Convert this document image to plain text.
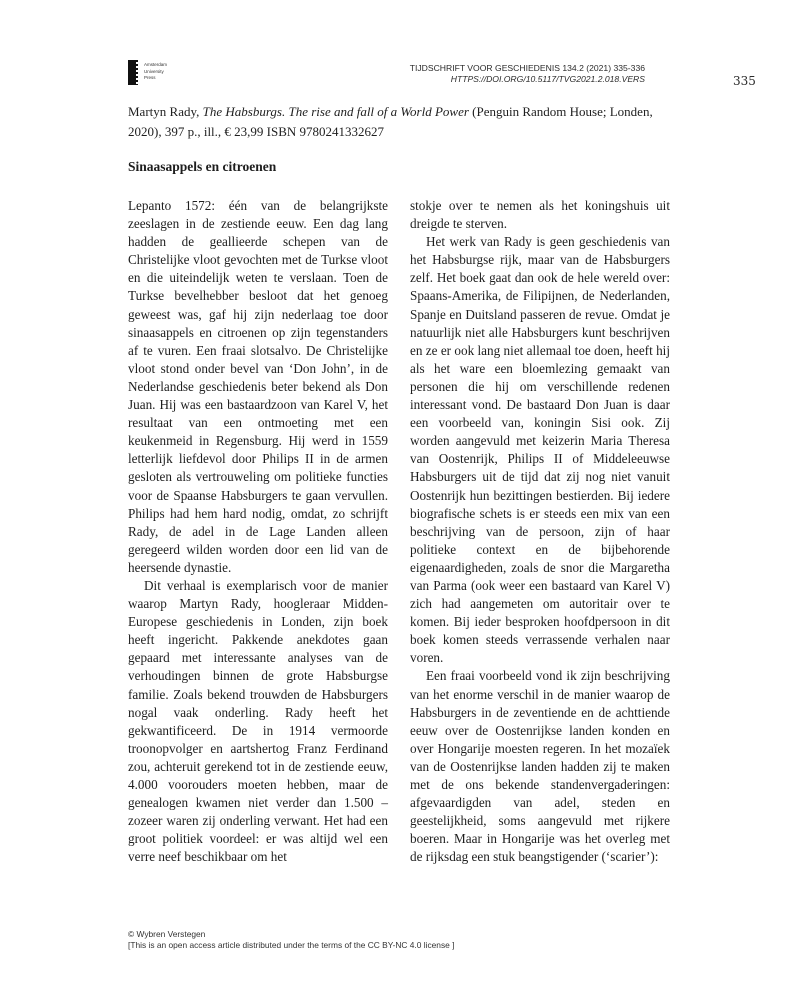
Amsterdam
University
Press
TIJDSCHRIFT VOOR GESCHIEDENIS 134.2 (2021) 335-336
HTTPS://DOI.ORG/10.5117/TVG2021.2.018.VERS	335
Martyn Rady, The Habsburgs. The rise and fall of a World Power (Penguin Random House; Londen, 2020), 397 p., ill., € 23,99 ISBN 9780241332627
Sinaasappels en citroenen

Lepanto 1572: één van de belangrijkste zeeslagen in de zestiende eeuw. Een dag lang hadden de geallieerde schepen van de Christelijke vloot gevochten met de Turkse vloot en die uiteindelijk weten te verslaan. Toen de Turkse bevelhebber besloot dat het genoeg geweest was, gaf hij zijn nederlaag toe door sinaasappels en citroenen op zijn tegenstanders af te vuren. Een fraai slotsalvo. De Christelijke vloot stond onder bevel van ‘Don John’, in de Nederlandse geschiedenis beter bekend als Don Juan. Hij was een bastaardzoon van Karel V, het resultaat van een ontmoeting met een keukenmeid in Regensburg. Hij werd in 1559 letterlijk liefdevol door Philips II in de armen gesloten als vertrouweling om politieke functies voor de Spaanse Habsburgers te gaan vervullen. Philips had hem hard nodig, omdat, zo schrijft Rady, de adel in de Lage Landen alleen geregeerd wilden worden door een lid van de heersende dynastie.

Dit verhaal is exemplarisch voor de manier waarop Martyn Rady, hoogleraar Midden-Europese geschiedenis in Londen, zijn boek heeft ingericht. Pakkende anekdotes gaan gepaard met interessante analyses van de verhoudingen binnen de grote Habsburgse familie. Zoals bekend trouwden de Habsburgers nogal vaak onderling. Rady heeft het gekwantificeerd. De in 1914 vermoorde troonopvolger en aartshertog Franz Ferdinand zou, achteruit gerekend tot in de zestiende eeuw, 4.000 voorouders moeten hebben, maar de genealogen kwamen niet verder dan 1.500 – zozeer waren zij onderling verwant. Het had een groot politiek voordeel: er was altijd wel een verre neef beschikbaar om het

stokje over te nemen als het koningshuis uit dreigde te sterven.

Het werk van Rady is geen geschiedenis van het Habsburgse rijk, maar van de Habsburgers zelf. Het boek gaat dan ook de hele wereld over: Spaans-Amerika, de Filipijnen, de Nederlanden, Spanje en Duitsland passeren de revue. Omdat je natuurlijk niet alle Habsburgers kunt beschrijven en ze er ook lang niet allemaal toe doen, heeft hij als het ware een bloemlezing gemaakt van personen die hij om verschillende redenen interessant vond. De bastaard Don Juan is daar een voorbeeld van, koningin Sisi ook. Zij worden aangevuld met keizerin Maria Theresa van Oostenrijk, Philips II of Middeleeuwse Habsburgers uit de tijd dat zij nog niet vanuit Oostenrijk hun bezittingen bestierden. Bij iedere biografische schets is er steeds een mix van een beschrijving van de persoon, zijn of haar politieke context en de bijbehorende eigenaardigheden, zoals de snor die Margaretha van Parma (ook weer een bastaard van Karel V) zich had aangemeten om autoritair over te komen. Bij ieder besproken hoofdpersoon in dit boek komen steeds verrassende verhalen naar voren.

Een fraai voorbeeld vond ik zijn beschrijving van het enorme verschil in de manier waarop de Habsburgers in de zeventiende en de achttiende eeuw over de Oostenrijkse landen konden en over Hongarije moesten regeren. In het mozaïek van de Oostenrijkse landen hadden zij te maken met de ons bekende standenvergaderingen: afgevaardigden van adel, steden en geestelijkheid, soms aangevuld met rijkere boeren. Maar in Hongarije was het overleg met de rijksdag een stuk beangstigender (‘scarier’):

© Wybren Verstegen
[This is an open access article distributed under the terms of the CC BY-NC 4.0 license ]
